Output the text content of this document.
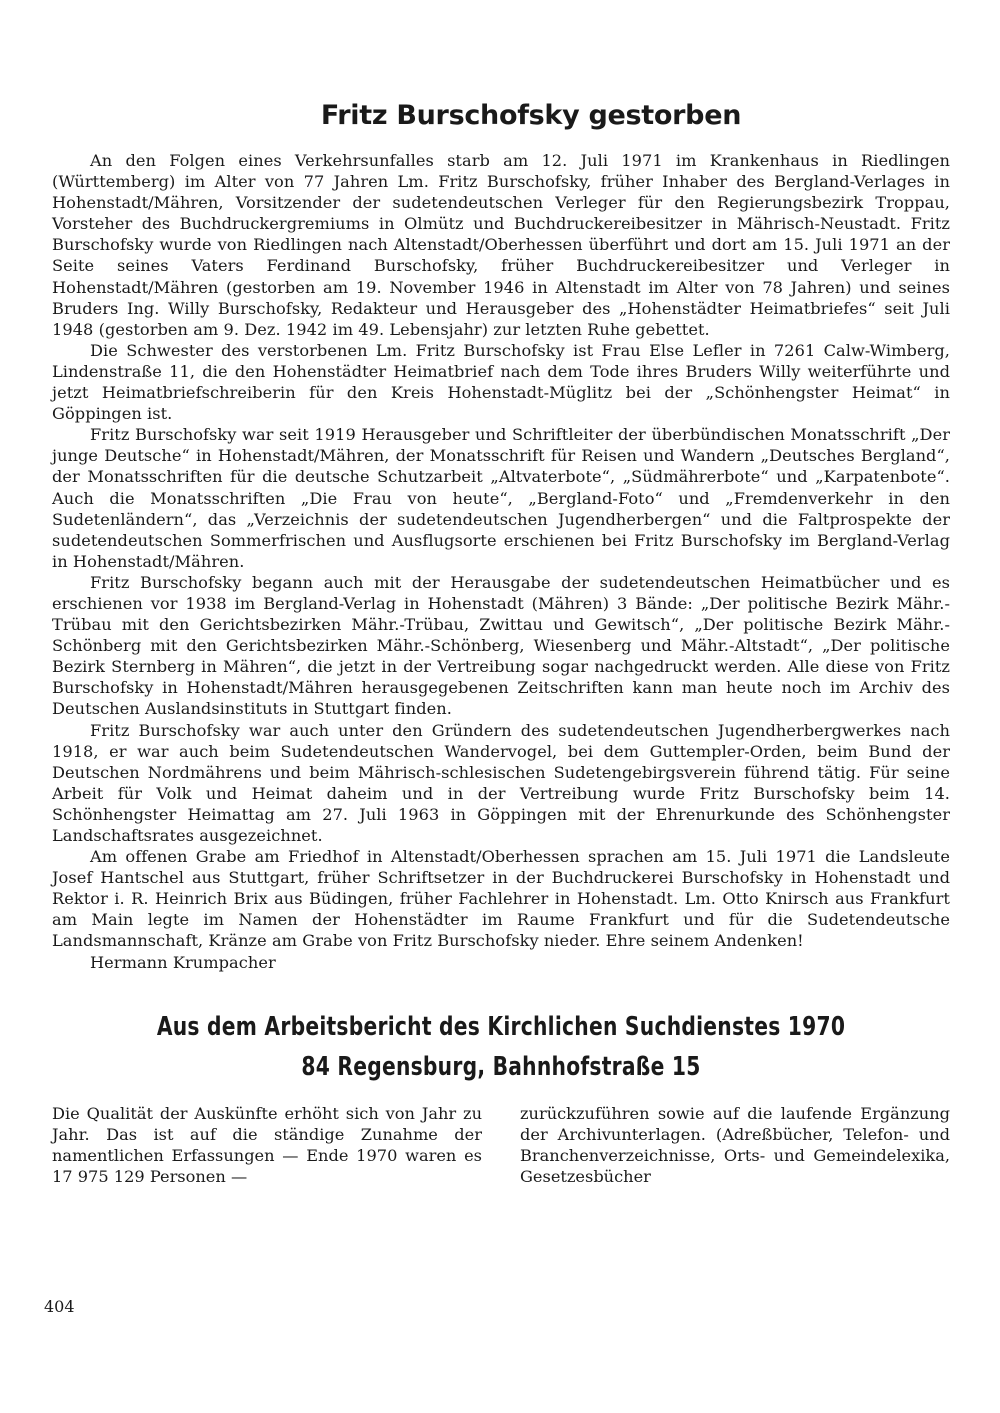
Fritz Burschofsky gestorben

An den Folgen eines Verkehrsunfalles starb am 12. Juli 1971 im Krankenhaus in Riedlingen (Württemberg) im Alter von 77 Jahren Lm. Fritz Burschofsky, früher Inhaber des Bergland-Verlages in Hohenstadt/Mähren, Vorsitzender der sudetendeutschen Verleger für den Regierungsbezirk Troppau, Vorsteher des Buchdruckergremiums in Olmütz und Buchdruckereibesitzer in Mährisch-Neustadt. Fritz Burschofsky wurde von Riedlingen nach Altenstadt/Oberhessen überführt und dort am 15. Juli 1971 an der Seite seines Vaters Ferdinand Burschofsky, früher Buchdruckereibesitzer und Verleger in Hohenstadt/Mähren (gestorben am 19. November 1946 in Altenstadt im Alter von 78 Jahren) und seines Bruders Ing. Willy Burschofsky, Redakteur und Herausgeber des „Hohenstädter Heimatbriefes“ seit Juli 1948 (gestorben am 9. Dez. 1942 im 49. Lebensjahr) zur letzten Ruhe gebettet.

Die Schwester des verstorbenen Lm. Fritz Burschofsky ist Frau Else Lefler in 7261 Calw-Wimberg, Lindenstraße 11, die den Hohenstädter Heimatbrief nach dem Tode ihres Bruders Willy weiterführte und jetzt Heimatbriefschreiberin für den Kreis Hohenstadt-Müglitz bei der „Schönhengster Heimat“ in Göppingen ist.

Fritz Burschofsky war seit 1919 Herausgeber und Schriftleiter der überbündischen Monatsschrift „Der junge Deutsche“ in Hohenstadt/Mähren, der Monatsschrift für Reisen und Wandern „Deutsches Bergland“, der Monatsschriften für die deutsche Schutzarbeit „Altvaterbote“, „Südmährerbote“ und „Karpatenbote“. Auch die Monatsschriften „Die Frau von heute“, „Bergland-Foto“ und „Fremdenverkehr in den Sudetenländern“, das „Verzeichnis der sudetendeutschen Jugendherbergen“ und die Faltprospekte der sudetendeutschen Sommerfrischen und Ausflugsorte erschienen bei Fritz Burschofsky im Bergland-Verlag in Hohenstadt/Mähren.

Fritz Burschofsky begann auch mit der Herausgabe der sudetendeutschen Heimatbücher und es erschienen vor 1938 im Bergland-Verlag in Hohenstadt (Mähren) 3 Bände: „Der politische Bezirk Mähr.-Trübau mit den Gerichtsbezirken Mähr.-Trübau, Zwittau und Gewitsch“, „Der politische Bezirk Mähr.-Schönberg mit den Gerichtsbezirken Mähr.-Schönberg, Wiesenberg und Mähr.-Altstadt“, „Der politische Bezirk Sternberg in Mähren“, die jetzt in der Vertreibung sogar nachgedruckt werden. Alle diese von Fritz Burschofsky in Hohenstadt/Mähren herausgegebenen Zeitschriften kann man heute noch im Archiv des Deutschen Auslandsinstituts in Stuttgart finden.

Fritz Burschofsky war auch unter den Gründern des sudetendeutschen Jugendherbergwerkes nach 1918, er war auch beim Sudetendeutschen Wandervogel, bei dem Guttempler-Orden, beim Bund der Deutschen Nordmährens und beim Mährisch-schlesischen Sudetengebirgsverein führend tätig. Für seine Arbeit für Volk und Heimat daheim und in der Vertreibung wurde Fritz Burschofsky beim 14. Schönhengster Heimattag am 27. Juli 1963 in Göppingen mit der Ehrenurkunde des Schönhengster Landschaftsrates ausgezeichnet.

Am offenen Grabe am Friedhof in Altenstadt/Oberhessen sprachen am 15. Juli 1971 die Landsleute Josef Hantschel aus Stuttgart, früher Schriftsetzer in der Buchdruckerei Burschofsky in Hohenstadt und Rektor i. R. Heinrich Brix aus Büdingen, früher Fachlehrer in Hohenstadt. Lm. Otto Knirsch aus Frankfurt am Main legte im Namen der Hohenstädter im Raume Frankfurt und für die Sudetendeutsche Landsmannschaft, Kränze am Grabe von Fritz Burschofsky nieder. Ehre seinem Andenken!

Hermann Krumpacher

Aus dem Arbeitsbericht des Kirchlichen Suchdienstes 1970
84 Regensburg, Bahnhofstraße 15

Die Qualität der Auskünfte erhöht sich von Jahr zu Jahr. Das ist auf die ständige Zunahme der namentlichen Erfassungen — Ende 1970 waren es 17 975 129 Personen —

zurückzuführen sowie auf die laufende Ergänzung der Archivunterlagen. (Adreßbücher, Telefon- und Branchenverzeichnisse, Orts- und Gemeindelexika, Gesetzesbücher

404
